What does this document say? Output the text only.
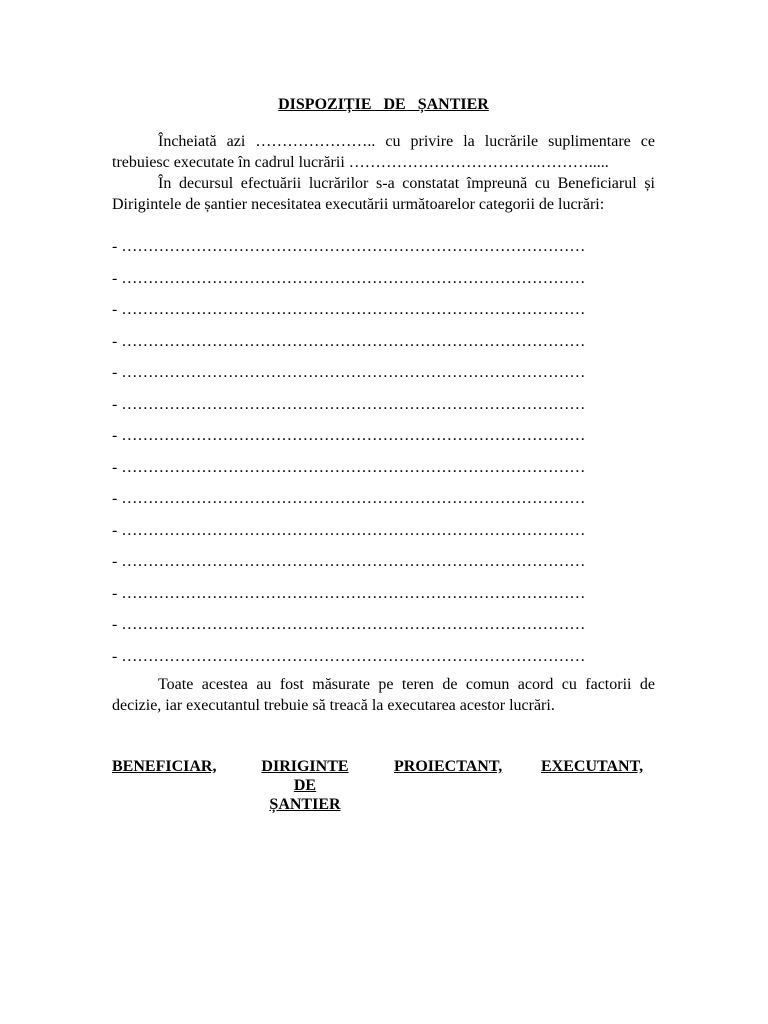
DISPOZIȚIE DE ȘANTIER

Încheiată azi ………………….. cu privire la lucrările suplimentare ce trebuiesc executate în cadrul lucrării ……………………………………….....

În decursul efectuării lucrărilor s-a constatat împreună cu Beneficiarul și Dirigintele de șantier necesitatea executării următoarelor categorii de lucrări:

- ……………………………………………………………………………
- ……………………………………………………………………………
- ……………………………………………………………………………
- ……………………………………………………………………………
- ……………………………………………………………………………
- ……………………………………………………………………………
- ……………………………………………………………………………
- ……………………………………………………………………………
- ……………………………………………………………………………
- ……………………………………………………………………………
- ……………………………………………………………………………
- ……………………………………………………………………………
- ……………………………………………………………………………
- ……………………………………………………………………………

Toate acestea au fost măsurate pe teren de comun acord cu factorii de decizie, iar executantul trebuie să treacă la executarea acestor lucrări.

BENEFICIAR,	DIRIGINTE
DE
ȘANTIER
PROIECTANT, EXECUTANT,
